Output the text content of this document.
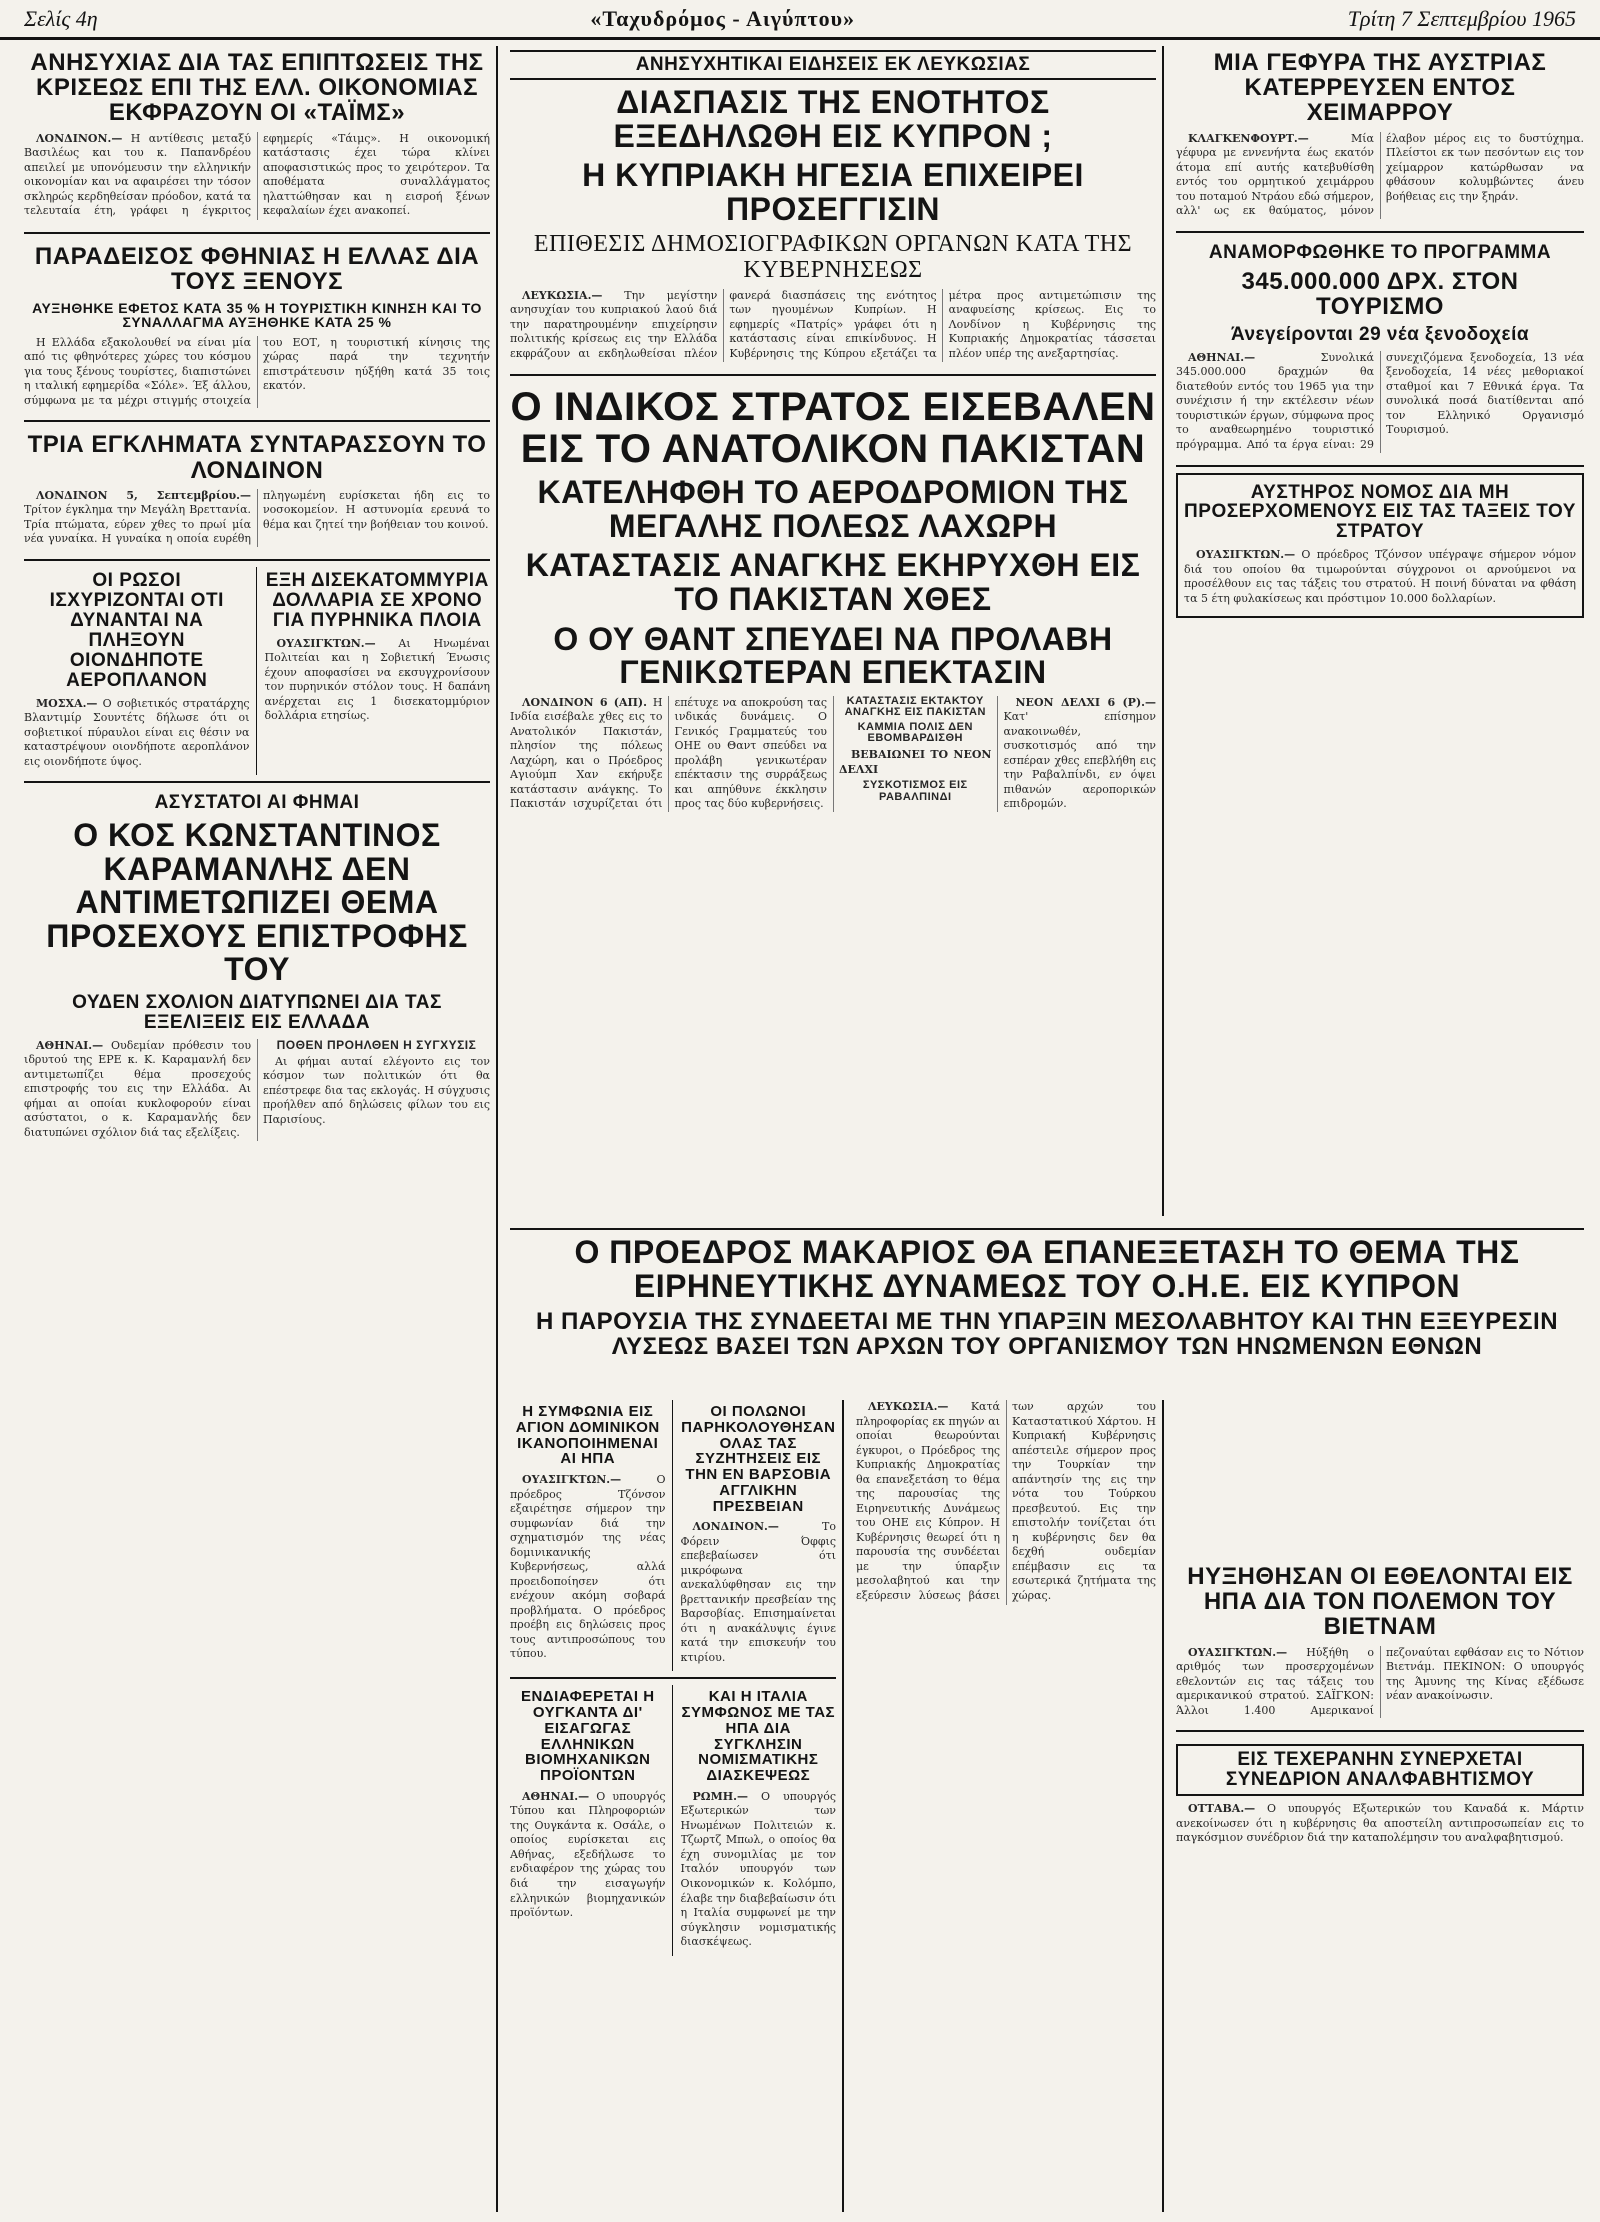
Σελίς 4η	«Ταχυδρόμος - Αιγύπτου»	Τρίτη 7 Σεπτεμβρίου 1965
ΑΝΗΣΥΧΙΑΣ ΔΙΑ ΤΑΣ ΕΠΙΠΤΩΣΕΙΣ ΤΗΣ ΚΡΙΣΕΩΣ ΕΠΙ ΤΗΣ ΕΛΛ. ΟΙΚΟΝΟΜΙΑΣ ΕΚΦΡΑΖΟΥΝ ΟΙ «ΤΑΪΜΣ»

ΛΟΝΔΙΝΟΝ.— Η αντίθεσις μεταξύ Βασιλέως και του κ. Παπανδρέου απειλεί με υπονόμευσιν την ελληνικήν οικονομίαν και να αφαιρέσει την τόσον σκληρώς κερδηθείσαν πρόοδον, κατά τα τελευταία έτη, γράφει η έγκριτος εφημερίς «Τάιμς». Η οικονομική κατάστασις έχει τώρα κλίνει αποφασιστικώς προς το χειρότερον. Τα αποθέματα συναλλάγματος ηλαττώθησαν και η εισροή ξένων κεφαλαίων έχει ανακοπεί.

ΠΑΡΑΔΕΙΣΟΣ ΦΘΗΝΙΑΣ Η ΕΛΛΑΣ ΔΙΑ ΤΟΥΣ ΞΕΝΟΥΣ
ΑΥΞΗΘΗΚΕ ΕΦΕΤΟΣ ΚΑΤΑ 35 % Η ΤΟΥΡΙΣΤΙΚΗ ΚΙΝΗΣΗ ΚΑΙ ΤΟ ΣΥΝΑΛΛΑΓΜΑ ΑΥΞΗΘΗΚΕ ΚΑΤΑ 25 %

Η Ελλάδα εξακολουθεί να είναι μία από τις φθηνότερες χώρες του κόσμου για τους ξένους τουρίστες, διαπιστώνει η ιταλική εφημερίδα «Σόλε». Έξ άλλου, σύμφωνα με τα μέχρι στιγμής στοιχεία του ΕΟΤ, η τουριστική κίνησις της χώρας παρά την τεχνητήν επιστράτευσιν ηύξήθη κατά 35 τοις εκατόν.

ΤΡΙΑ ΕΓΚΛΗΜΑΤΑ ΣΥΝΤΑΡΑΣΣΟΥΝ ΤΟ ΛΟΝΔΙΝΟΝ

ΛΟΝΔΙΝΟΝ 5, Σεπτεμβρίου.— Τρίτον έγκλημα την Μεγάλη Βρεττανία. Τρία πτώματα, εύρεν χθες το πρωί μία νέα γυναίκα. Η γυναίκα η οποία ευρέθη πληγωμένη ευρίσκεται ήδη εις το νοσοκομείον. Η αστυνομία ερευνά το θέμα και ζητεί την βοήθειαν του κοινού.

ΟΙ ΡΩΣΟΙ ΙΣΧΥΡΙΖΟΝΤΑΙ ΟΤΙ ΔΥΝΑΝΤΑΙ ΝΑ ΠΛΗΞΟΥΝ ΟΙΟΝΔΗΠΟΤΕ ΑΕΡΟΠΛΑΝΟΝ

ΜΟΣΧΑ.— Ο σοβιετικός στρατάρχης Βλαντιμίρ Σουντέτς δήλωσε ότι οι σοβιετικοί πύραυλοι είναι εις θέσιν να καταστρέψουν οιονδήποτε αεροπλάνον εις οιονδήποτε ύψος.

ΕΞΗ ΔΙΣΕΚΑΤΟΜΜΥΡΙΑ ΔΟΛΛΑΡΙΑ ΣΕ ΧΡΟΝΟ ΓΙΑ ΠΥΡΗΝΙΚΑ ΠΛΟΙΑ

ΟΥΑΣΙΓΚΤΩΝ.— Αι Ηνωμέναι Πολιτείαι και η Σοβιετική Ένωσις έχουν αποφασίσει να εκσυγχρονίσουν τον πυρηνικόν στόλον τους. Η δαπάνη ανέρχεται εις 1 δισεκατομμύριον δολλάρια ετησίως.

ΑΣΥΣΤΑΤΟΙ ΑΙ ΦΗΜΑΙ
Ο ΚΟΣ ΚΩΝΣΤΑΝΤΙΝΟΣ ΚΑΡΑΜΑΝΛΗΣ ΔΕΝ ΑΝΤΙΜΕΤΩΠΙΖΕΙ ΘΕΜΑ ΠΡΟΣΕΧΟΥΣ ΕΠΙΣΤΡΟΦΗΣ ΤΟΥ
ΟΥΔΕΝ ΣΧΟΛΙΟΝ ΔΙΑΤΥΠΩΝΕΙ ΔΙΑ ΤΑΣ ΕΞΕΛΙΞΕΙΣ ΕΙΣ ΕΛΛΑΔΑ

ΑΘΗΝΑΙ.— Ουδεμίαν πρόθεσιν του ιδρυτού της ΕΡΕ κ. Κ. Καραμανλή δεν αντιμετωπίζει θέμα προσεχούς επιστροφής του εις την Ελλάδα. Αι φήμαι αι οποίαι κυκλοφορούν είναι ασύστατοι, ο κ. Καραμανλής δεν διατυπώνει σχόλιον διά τας εξελίξεις.

ΠΟΘΕΝ ΠΡΟΗΛΘΕΝ Η ΣΥΓΧΥΣΙΣ

Αι φήμαι αυταί ελέγοντο εις τον κόσμον των πολιτικών ότι θα επέστρεφε δια τας εκλογάς. Η σύγχυσις προήλθεν από δηλώσεις φίλων του εις Παρισίους.

ΑΝΗΣΥΧΗΤΙΚΑΙ ΕΙΔΗΣΕΙΣ ΕΚ ΛΕΥΚΩΣΙΑΣ
ΔΙΑΣΠΑΣΙΣ ΤΗΣ ΕΝΟΤΗΤΟΣ ΕΞΕΔΗΛΩΘΗ ΕΙΣ ΚΥΠΡΟΝ ;
Η ΚΥΠΡΙΑΚΗ ΗΓΕΣΙΑ ΕΠΙΧΕΙΡΕΙ ΠΡΟΣΕΓΓΙΣΙΝ
ΕΠΙΘΕΣΙΣ ΔΗΜΟΣΙΟΓΡΑΦΙΚΩΝ ΟΡΓΑΝΩΝ ΚΑΤΑ ΤΗΣ ΚΥΒΕΡΝΗΣΕΩΣ

ΛΕΥΚΩΣΙΑ.— Την μεγίστην ανησυχίαν του κυπριακού λαού διά την παρατηρουμένην επιχείρησιν πολιτικής κρίσεως εις την Ελλάδα εκφράζουν αι εκδηλωθείσαι πλέον φανερά διασπάσεις της ενότητος των ηγουμένων Κυπρίων. Η εφημερίς «Πατρίς» γράφει ότι η κατάστασις είναι επικίνδυνος. Η Κυβέρνησις της Κύπρου εξετάζει τα μέτρα προς αντιμετώπισιν της αναφυείσης κρίσεως. Εις το Λονδίνον η Κυβέρνησις της Κυπριακής Δημοκρατίας τάσσεται πλέον υπέρ της ανεξαρτησίας.

Ο ΙΝΔΙΚΟΣ ΣΤΡΑΤΟΣ ΕΙΣΕΒΑΛΕΝ ΕΙΣ ΤΟ ΑΝΑΤΟΛΙΚΟΝ ΠΑΚΙΣΤΑΝ
ΚΑΤΕΛΗΦΘΗ ΤΟ ΑΕΡΟΔΡΟΜΙΟΝ ΤΗΣ ΜΕΓΑΛΗΣ ΠΟΛΕΩΣ ΛΑΧΩΡΗ
ΚΑΤΑΣΤΑΣΙΣ ΑΝΑΓΚΗΣ ΕΚΗΡΥΧΘΗ ΕΙΣ ΤΟ ΠΑΚΙΣΤΑΝ ΧΘΕΣ
Ο ΟΥ ΘΑΝΤ ΣΠΕΥΔΕΙ ΝΑ ΠΡΟΛΑΒΗ ΓΕΝΙΚΩΤΕΡΑΝ ΕΠΕΚΤΑΣΙΝ

ΛΟΝΔΙΝΟΝ 6 (ΑΠ). Η Ινδία εισέβαλε χθες εις το Ανατολικόν Πακιστάν, πλησίον της πόλεως Λαχώρη, και ο Πρόεδρος Αγιούμπ Χαν εκήρυξε κατάστασιν ανάγκης. Το Πακιστάν ισχυρίζεται ότι επέτυχε να αποκρούση τας ινδικάς δυνάμεις. Ο Γενικός Γραμματεύς του ΟΗΕ ου Θαντ σπεύδει να προλάβη γενικωτέραν επέκτασιν της συρράξεως και απηύθυνε έκκλησιν προς τας δύο κυβερνήσεις.

ΚΑΤΑΣΤΑΣΙΣ ΕΚΤΑΚΤΟΥ ΑΝΑΓΚΗΣ ΕΙΣ ΠΑΚΙΣΤΑΝ

ΚΑΜΜΙΑ ΠΟΛΙΣ ΔΕΝ ΕΒΟΜΒΑΡΔΙΣΘΗ

ΒΕΒΑΙΩΝΕΙ ΤΟ ΝΕΟΝ ΔΕΛΧΙ

ΣΥΣΚΟΤΙΣΜΟΣ ΕΙΣ ΡΑΒΑΛΠΙΝΔΙ

ΝΕΟΝ ΔΕΛΧΙ 6 (Ρ).— Κατ' επίσημον ανακοινωθέν, συσκοτισμός από την εσπέραν χθες επεβλήθη εις την Ραβαλπίνδι, εν όψει πιθανών αεροπορικών επιδρομών.

ΜΙΑ ΓΕΦΥΡΑ ΤΗΣ ΑΥΣΤΡΙΑΣ ΚΑΤΕΡΡΕΥΣΕΝ ΕΝΤΟΣ ΧΕΙΜΑΡΡΟΥ

ΚΛΑΓΚΕΝΦΟΥΡΤ.—	Μία γέφυρα με εννενήντα έως εκατόν άτομα επί αυτής κατεβυθίσθη εντός του ορμητικού χειμάρρου του ποταμού Ντράου εδώ σήμερον, αλλ' ως εκ θαύματος, μόνον έλαβον μέρος εις το δυστύχημα. Πλείστοι εκ των πεσόντων εις τον χείμαρρον κατώρθωσαν να φθάσουν κολυμβώντες άνευ βοήθειας εις την ξηράν.

ΑΝΑΜΟΡΦΩΘΗΚΕ ΤΟ ΠΡΟΓΡΑΜΜΑ
345.000.000 ΔΡΧ. ΣΤΟΝ ΤΟΥΡΙΣΜΟ
Άνεγείρονται 29 νέα ξενοδοχεία

ΑΘΗΝΑΙ.—	Συνολικά 345.000.000 δραχμών θα διατεθούν εντός του 1965 για την συνέχισιν ή την εκτέλεσιν νέων τουριστικών έργων, σύμφωνα προς το αναθεωρημένο τουριστικό πρόγραμμα. Από τα έργα είναι: 29 συνεχιζόμενα ξενοδοχεία, 13 νέα ξενοδοχεία, 14 νέες μεθοριακοί σταθμοί και 7 Εθνικά έργα. Τα συνολικά ποσά διατίθενται από τον Ελληνικό Οργανισμό Τουρισμού.

ΑΥΣΤΗΡΟΣ ΝΟΜΟΣ ΔΙΑ ΜΗ ΠΡΟΣΕΡΧΟΜΕΝΟΥΣ ΕΙΣ ΤΑΣ ΤΑΞΕΙΣ ΤΟΥ ΣΤΡΑΤΟΥ

ΟΥΑΣΙΓΚΤΩΝ.— Ο πρόεδρος Τζόνσον υπέγραψε σήμερον νόμον διά του οποίου θα τιμωρούνται σύγχρονοι οι αρνούμενοι να προσέλθουν εις τας τάξεις του στρατού. Η ποινή δύναται να φθάση τα 5 έτη φυλακίσεως και πρόστιμον 10.000 δολλαρίων.

Ο ΠΡΟΕΔΡΟΣ ΜΑΚΑΡΙΟΣ ΘΑ ΕΠΑΝΕΞΕΤΑΣΗ ΤΟ ΘΕΜΑ ΤΗΣ ΕΙΡΗΝΕΥΤΙΚΗΣ ΔΥΝΑΜΕΩΣ ΤΟΥ Ο.Η.Ε. ΕΙΣ ΚΥΠΡΟΝ
Η ΠΑΡΟΥΣΙΑ ΤΗΣ ΣΥΝΔΕΕΤΑΙ ΜΕ ΤΗΝ ΥΠΑΡΞΙΝ ΜΕΣΟΛΑΒΗΤΟΥ ΚΑΙ ΤΗΝ ΕΞΕΥΡΕΣΙΝ ΛΥΣΕΩΣ ΒΑΣΕΙ ΤΩΝ ΑΡΧΩΝ ΤΟΥ ΟΡΓΑΝΙΣΜΟΥ ΤΩΝ ΗΝΩΜΕΝΩΝ ΕΘΝΩΝ
Η ΣΥΜΦΩΝΙΑ ΕΙΣ ΑΓΙΟΝ ΔΟΜΙΝΙΚΟΝ ΙΚΑΝΟΠΟΙΗΜΕΝΑΙ ΑΙ ΗΠΑ

ΟΥΑΣΙΓΚΤΩΝ.—	Ο πρόεδρος Τζόνσον εξαιρέτησε σήμερον την συμφωνίαν διά την σχηματισμόν της νέας δομινικανικής Κυβερνήσεως, αλλά προειδοποίησεν ότι ενέχουν ακόμη σοβαρά προβλήματα. Ο πρόεδρος προέβη εις δηλώσεις προς τους αντιπροσώπους του τύπου.

ΟΙ ΠΟΛΩΝΟΙ ΠΑΡΗΚΟΛΟΥΘΗΣΑΝ ΟΛΑΣ ΤΑΣ ΣΥΖΗΤΗΣΕΙΣ ΕΙΣ ΤΗΝ ΕΝ ΒΑΡΣΟΒΙΑ ΑΓΓΛΙΚΗΝ ΠΡΕΣΒΕΙΑΝ

ΛΟΝΔΙΝΟΝ.—	Το Φόρειν Όφφις επεβεβαίωσεν ότι μικρόφωνα ανεκαλύφθησαν εις την βρεττανικήν πρεσβείαν της Βαρσοβίας. Επισημαίνεται ότι η ανακάλυψις έγινε κατά την επισκευήν του κτιρίου.

ΕΝΔΙΑΦΕΡΕΤΑΙ Η ΟΥΓΚΑΝΤΑ ΔΙ' ΕΙΣΑΓΩΓΑΣ ΕΛΛΗΝΙΚΩΝ ΒΙΟΜΗΧΑΝΙΚΩΝ ΠΡΟΪΟΝΤΩΝ

ΑΘΗΝΑΙ.— Ο υπουργός Τύπου και Πληροφοριών της Ουγκάντα κ. Οσάλε, ο οποίος ευρίσκεται εις Αθήνας, εξεδήλωσε το ενδιαφέρον της χώρας του διά την εισαγωγήν ελληνικών βιομηχανικών προϊόντων.

ΚΑΙ Η ΙΤΑΛΙΑ ΣΥΜΦΩΝΟΣ ΜΕ ΤΑΣ ΗΠΑ ΔΙΑ ΣΥΓΚΛΗΣΙΝ ΝΟΜΙΣΜΑΤΙΚΗΣ ΔΙΑΣΚΕΨΕΩΣ

ΡΩΜΗ.— Ο υπουργός Εξωτερικών των Ηνωμένων Πολιτειών κ. Τζωρτζ Μπωλ, ο οποίος θα έχη συνομιλίας με τον Ιταλόν υπουργόν των Οικονομικών κ. Κολόμπο, έλαβε την διαβεβαίωσιν ότι η Ιταλία συμφωνεί με την σύγκλησιν νομισματικής διασκέψεως.

ΛΕΥΚΩΣΙΑ.— Κατά πληροφορίας εκ πηγών αι οποίαι θεωρούνται έγκυροι, ο Πρόεδρος της Κυπριακής Δημοκρατίας θα επανεξετάση το θέμα της παρουσίας της Ειρηνευτικής Δυνάμεως του ΟΗΕ εις Κύπρον. Η Κυβέρνησις θεωρεί ότι η παρουσία της συνδέεται με την ύπαρξιν μεσολαβητού και την εξεύρεσιν λύσεως βάσει των αρχών του Καταστατικού Χάρτου. Η Κυπριακή Κυβέρνησις απέστειλε σήμερον προς την Τουρκίαν την απάντησίν της εις την νότα του Τούρκου πρεσβευτού. Εις την επιστολήν τονίζεται ότι η κυβέρνησις δεν θα δεχθή ουδεμίαν επέμβασιν εις τα εσωτερικά ζητήματα της χώρας.

ΗΥΞΗΘΗΣΑΝ ΟΙ ΕΘΕΛΟΝΤΑΙ ΕΙΣ ΗΠΑ ΔΙΑ ΤΟΝ ΠΟΛΕΜΟΝ ΤΟΥ ΒΙΕΤΝΑΜ

ΟΥΑΣΙΓΚΤΩΝ.— Ηύξήθη ο αριθμός των προσερχομένων εθελοντών εις τας τάξεις του αμερικανικού στρατού. ΣΑΪΓΚΟΝ: Άλλοι 1.400 Αμερικανοί πεζοναύται εφθάσαν εις το Νότιον Βιετνάμ. ΠΕΚΙΝΟΝ: Ο υπουργός της Άμυνης της Κίνας εξέδωσε νέαν ανακοίνωσιν.

ΕΙΣ ΤΕΧΕΡΑΝΗΝ ΣΥΝΕΡΧΕΤΑΙ ΣΥΝΕΔΡΙΟΝ ΑΝΑΛΦΑΒΗΤΙΣΜΟΥ

ΟΤΤΑΒΑ.— Ο υπουργός Εξωτερικών του Καναδά κ. Μάρτιν ανεκοίνωσεν ότι η κυβέρνησις θα αποστείλη αντιπροσωπείαν εις το παγκόσμιον συνέδριον διά την καταπολέμησιν του αναλφαβητισμού.
